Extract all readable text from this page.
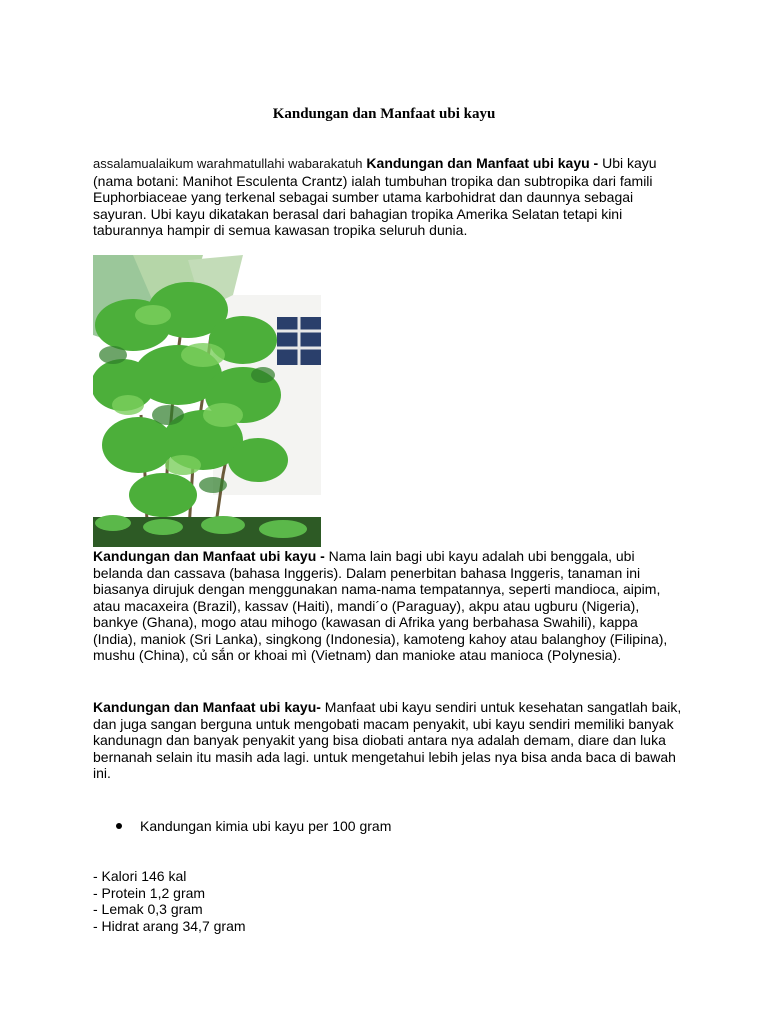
Kandungan dan Manfaat ubi kayu
assalamualaikum warahmatullahi wabarakatuh Kandungan dan Manfaat ubi kayu - Ubi kayu (nama botani: Manihot Esculenta Crantz) ialah tumbuhan tropika dan subtropika dari famili Euphorbiaceae yang terkenal sebagai sumber utama karbohidrat dan daunnya sebagai sayuran. Ubi kayu dikatakan berasal dari bahagian tropika Amerika Selatan tetapi kini taburannya hampir di semua kawasan tropika seluruh dunia.
Kandungan dan Manfaat ubi kayu - Nama lain bagi ubi kayu adalah ubi benggala, ubi belanda dan cassava (bahasa Inggeris). Dalam penerbitan bahasa Inggeris, tanaman ini biasanya dirujuk dengan menggunakan nama-nama tempatannya, seperti mandioca, aipim, atau macaxeira (Brazil), kassav (Haiti), mandi´o (Paraguay), akpu atau ugburu (Nigeria), bankye (Ghana), mogo atau mihogo (kawasan di Afrika yang berbahasa Swahili), kappa (India), maniok (Sri Lanka), singkong (Indonesia), kamoteng kahoy atau balanghoy (Filipina), mushu (China), củ sắn or khoai mì (Vietnam) dan manioke atau manioca (Polynesia).
Kandungan dan Manfaat ubi kayu- Manfaat ubi kayu sendiri untuk kesehatan sangatlah baik, dan juga sangan berguna untuk mengobati macam penyakit, ubi kayu sendiri memiliki banyak kandunagn dan banyak penyakit yang bisa diobati antara nya adalah demam, diare dan luka bernanah selain itu masih ada lagi. untuk mengetahui lebih jelas nya bisa anda baca di bawah ini.
Kandungan kimia ubi kayu per 100 gram
- Kalori 146 kal
- Protein 1,2 gram
- Lemak 0,3 gram
- Hidrat arang 34,7 gram
